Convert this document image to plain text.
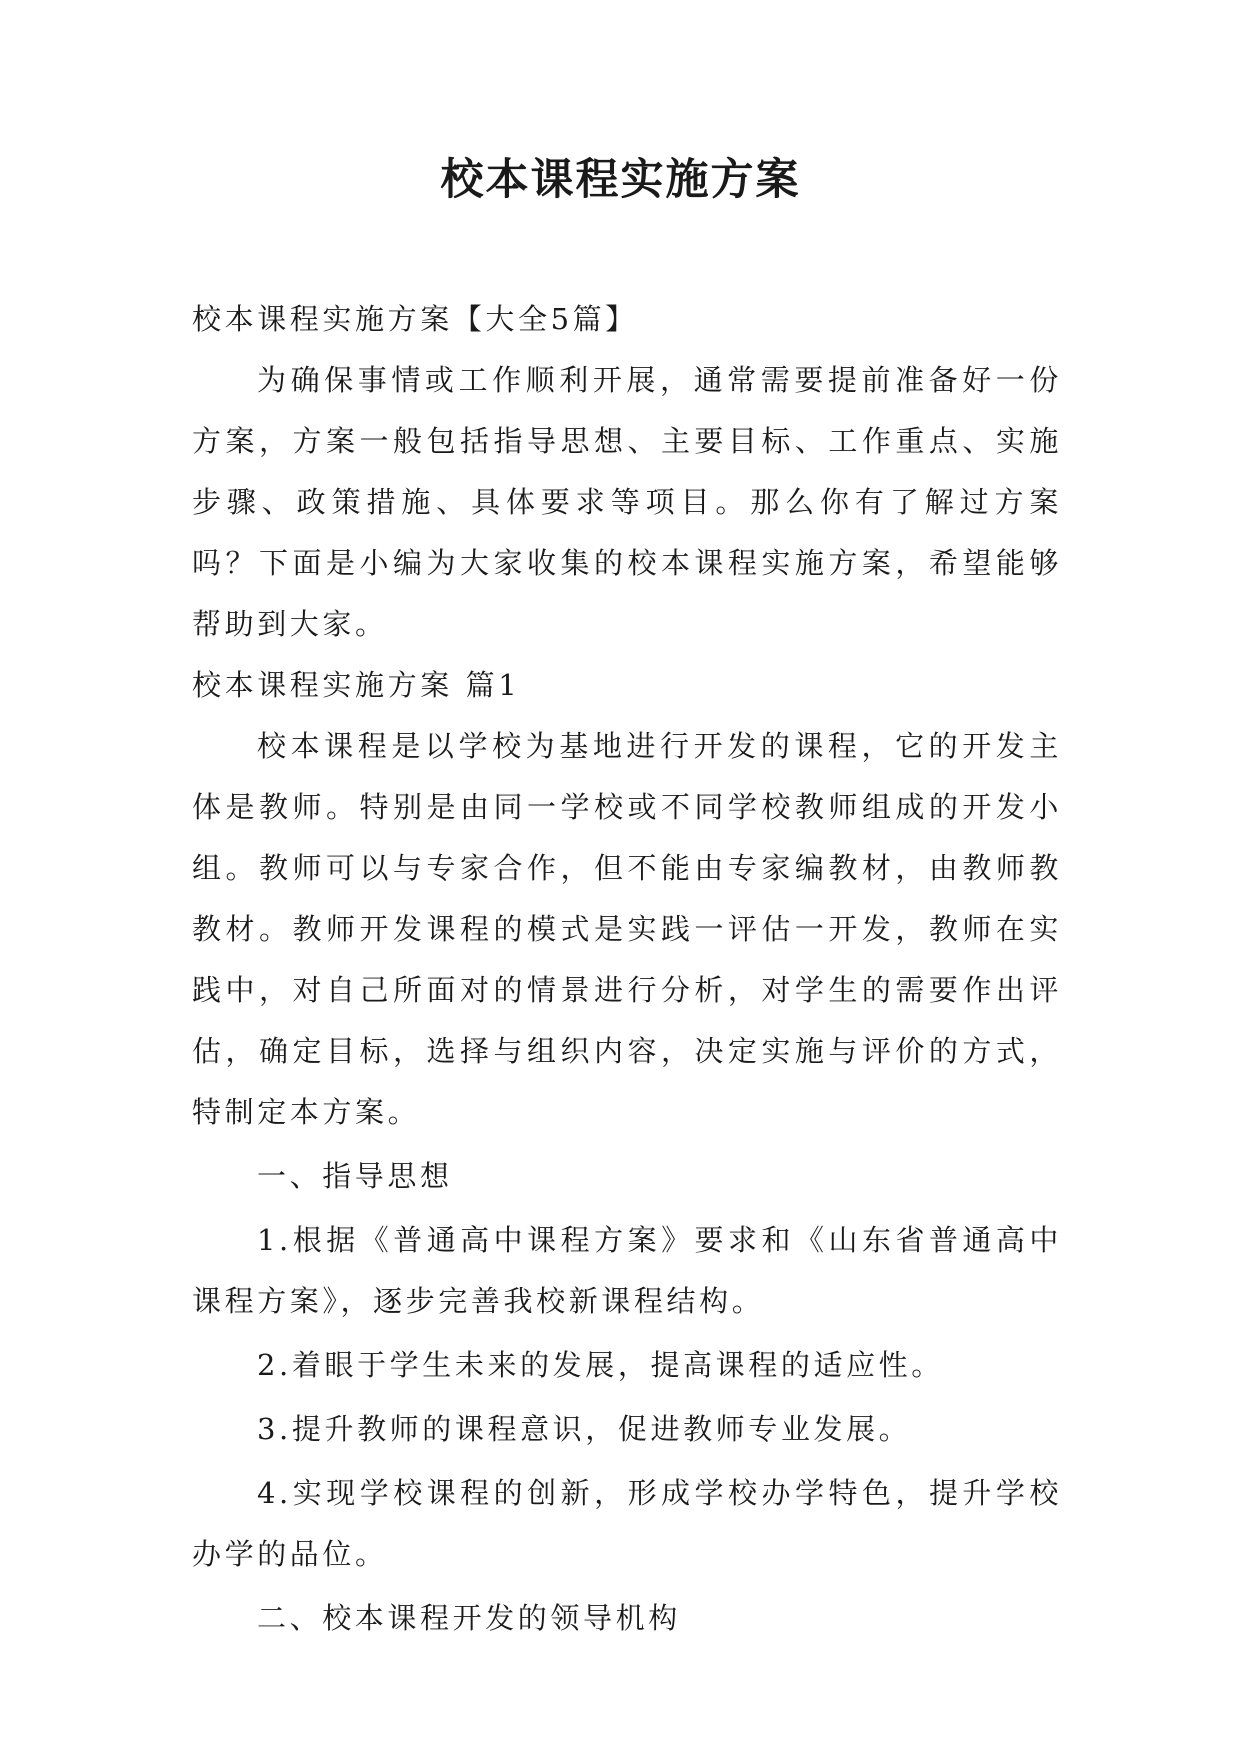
校本课程实施方案

校本课程实施方案【大全5篇】

为确保事情或工作顺利开展，通常需要提前准备好一份方案，方案一般包括指导思想、主要目标、工作重点、实施步骤、政策措施、具体要求等项目。那么你有了解过方案吗？下面是小编为大家收集的校本课程实施方案，希望能够帮助到大家。

校本课程实施方案 篇1

校本课程是以学校为基地进行开发的课程，它的开发主体是教师。特别是由同一学校或不同学校教师组成的开发小组。教师可以与专家合作，但不能由专家编教材，由教师教教材。教师开发课程的模式是实践一评估一开发，教师在实践中，对自己所面对的情景进行分析，对学生的需要作出评估，确定目标，选择与组织内容，决定实施与评价的方式，特制定本方案。

一、指导思想

1.根据《普通高中课程方案》要求和《山东省普通高中课程方案》，逐步完善我校新课程结构。

2.着眼于学生未来的发展，提高课程的适应性。

3.提升教师的课程意识，促进教师专业发展。

4.实现学校课程的创新，形成学校办学特色，提升学校办学的品位。

二、校本课程开发的领导机构
